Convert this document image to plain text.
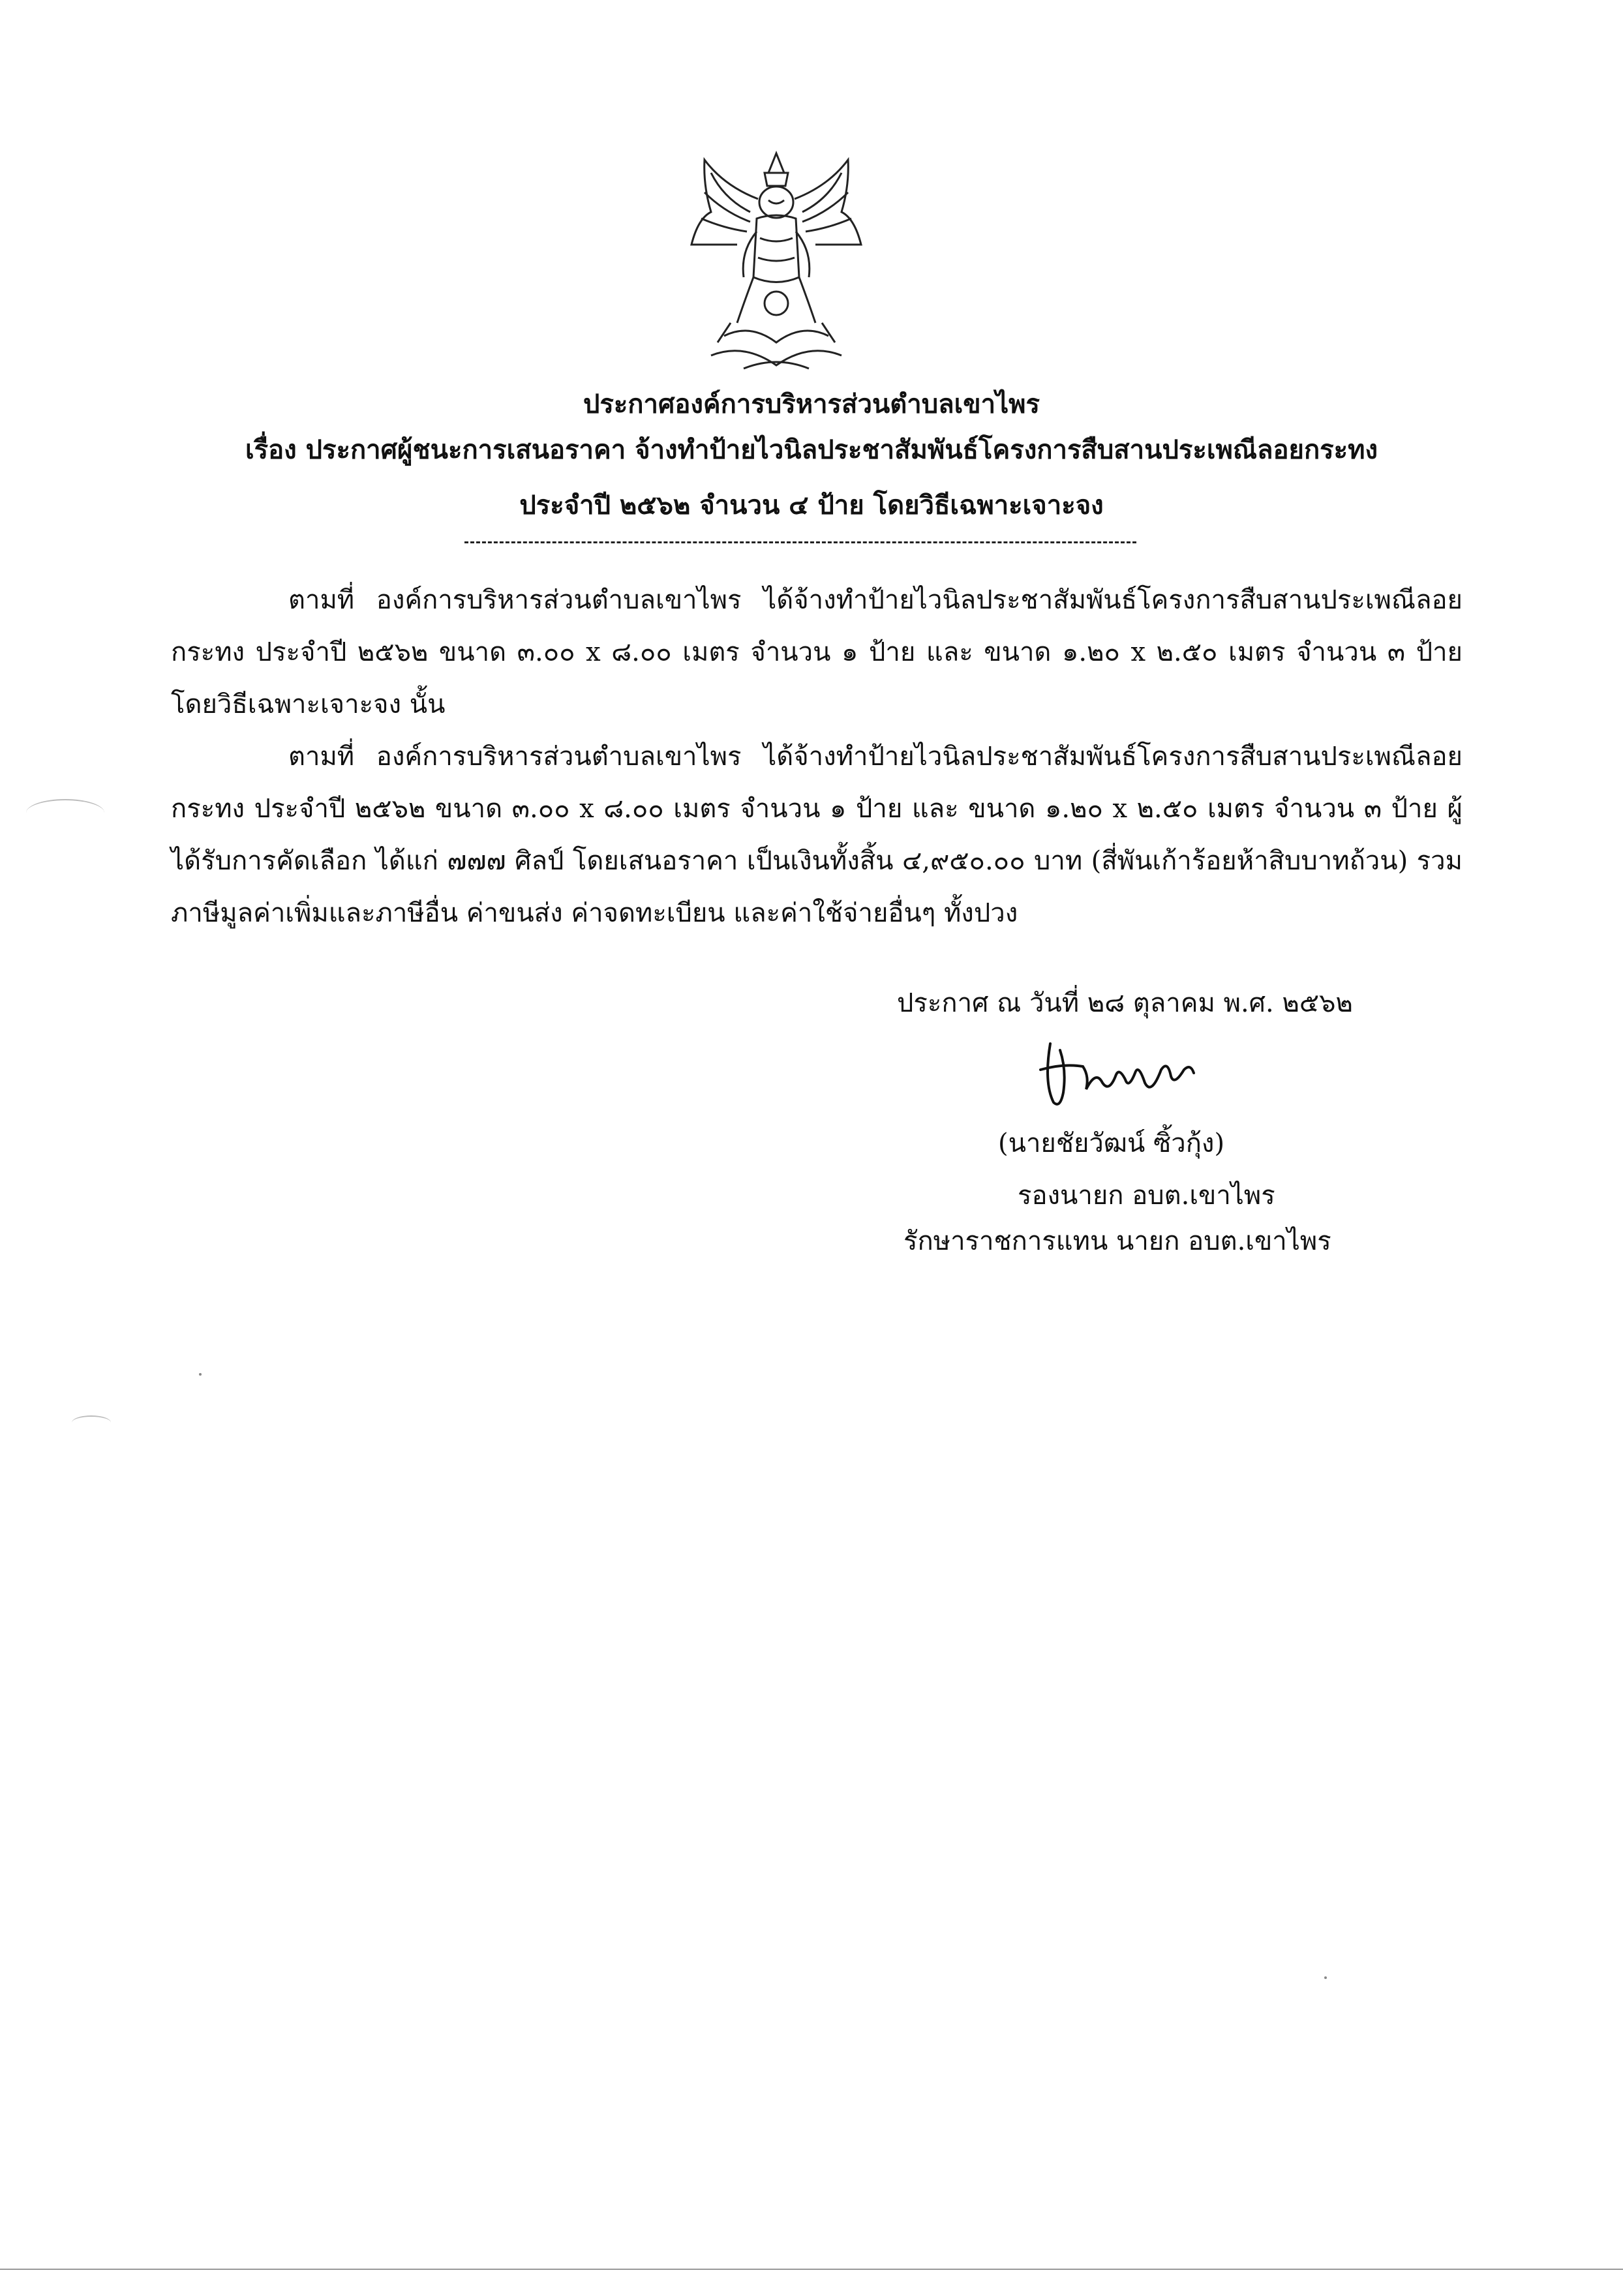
ประกาศองค์การบริหารส่วนตำบลเขาไพร
เรื่อง ประกาศผู้ชนะการเสนอราคา จ้างทำป้ายไวนิลประชาสัมพันธ์โครงการสืบสานประเพณีลอยกระทง
ประจำปี ๒๕๖๒ จำนวน ๔ ป้าย โดยวิธีเฉพาะเจาะจง
ตามที่ องค์การบริหารส่วนตำบลเขาไพร ได้จ้างทำป้ายไวนิลประชาสัมพันธ์โครงการสืบสานประเพณีลอยกระทง ประจำปี ๒๕๖๒ ขนาด ๓.๐๐ x ๘.๐๐ เมตร จำนวน ๑ ป้าย และ ขนาด ๑.๒๐ x ๒.๕๐ เมตร จำนวน ๓ ป้าย โดยวิธีเฉพาะเจาะจง นั้น
ตามที่ องค์การบริหารส่วนตำบลเขาไพร ได้จ้างทำป้ายไวนิลประชาสัมพันธ์โครงการสืบสานประเพณีลอยกระทง ประจำปี ๒๕๖๒ ขนาด ๓.๐๐ x ๘.๐๐ เมตร จำนวน ๑ ป้าย และ ขนาด ๑.๒๐ x ๒.๕๐ เมตร จำนวน ๓ ป้าย ผู้ได้รับการคัดเลือก ได้แก่ ๗๗๗ ศิลป์ โดยเสนอราคา เป็นเงินทั้งสิ้น ๔,๙๕๐.๐๐ บาท (สี่พันเก้าร้อยห้าสิบบาทถ้วน) รวมภาษีมูลค่าเพิ่มและภาษีอื่น ค่าขนส่ง ค่าจดทะเบียน และค่าใช้จ่ายอื่นๆ ทั้งปวง
ประกาศ ณ วันที่ ๒๘ ตุลาคม พ.ศ. ๒๕๖๒
(นายชัยวัฒน์ ซิ้วกุ้ง)
รองนายก อบต.เขาไพร
รักษาราชการแทน นายก อบต.เขาไพร
